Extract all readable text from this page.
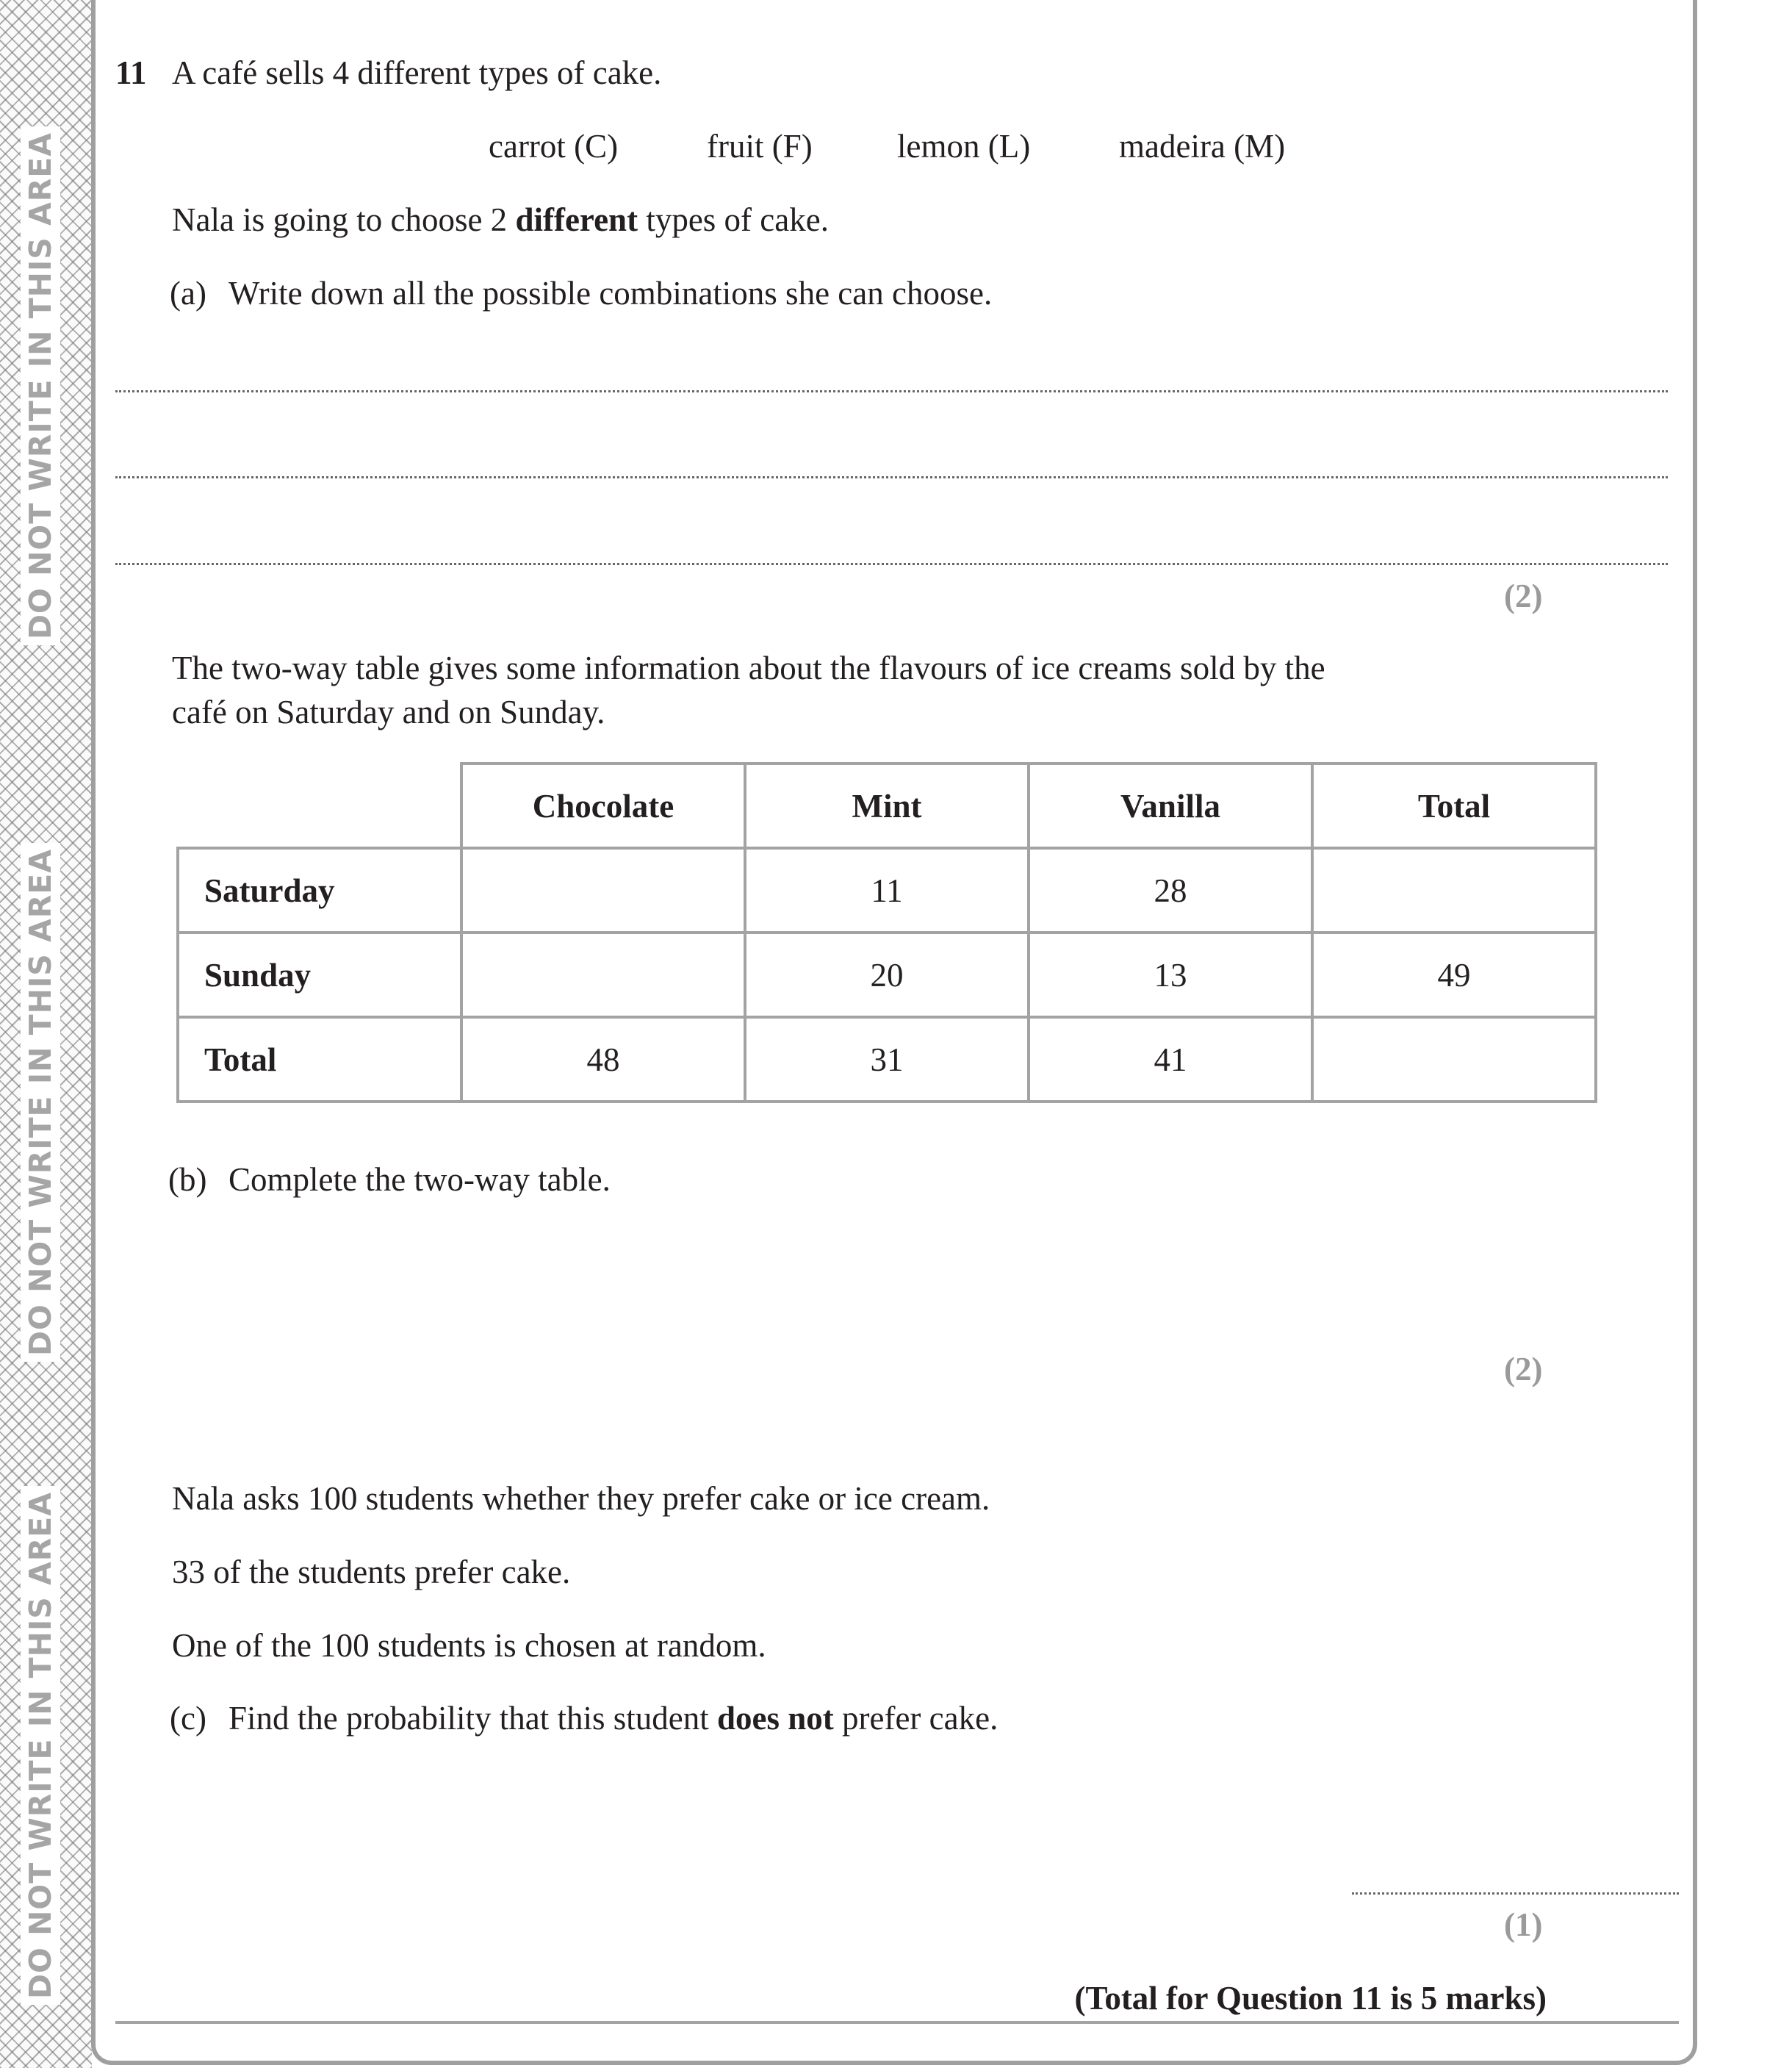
DO NOT WRITE IN THIS AREA
DO NOT WRITE IN THIS AREA
DO NOT WRITE IN THIS AREA
11 A café sells 4 different types of cake.
carrot (C)	fruit (F)	lemon (L)	madeira (M)
Nala is going to choose 2 different types of cake.
(a) Write down all the possible combinations she can choose.
(2)
The two-way table gives some information about the flavours of ice creams sold by the
café on Saturday and on Sunday.
	Chocolate	Mint	Vanilla	Total
Saturday		11	28	
Sunday		20	13	49
Total	48	31	41	
(b) Complete the two-way table.
(2)
Nala asks 100 students whether they prefer cake or ice cream.
33 of the students prefer cake.
One of the 100 students is chosen at random.
(c) Find the probability that this student does not prefer cake.
(1)
(Total for Question 11 is 5 marks)
